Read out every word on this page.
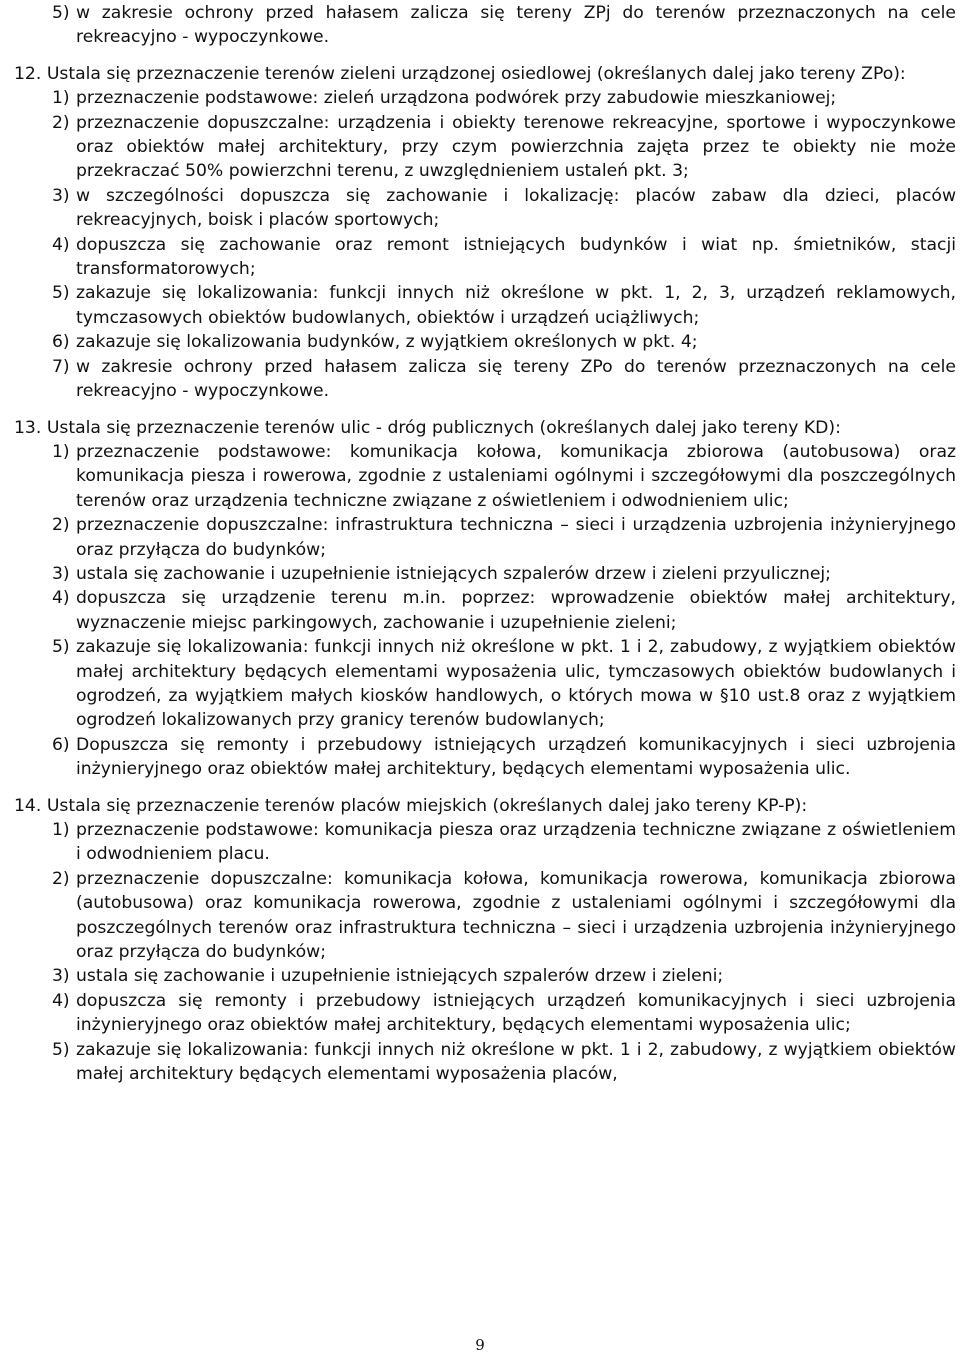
5) w zakresie ochrony przed hałasem zalicza się tereny ZPj do terenów przeznaczonych na cele rekreacyjno - wypoczynkowe.
12. Ustala się przeznaczenie terenów zieleni urządzonej osiedlowej (określanych dalej jako tereny ZPo):
1) przeznaczenie podstawowe: zieleń urządzona podwórek przy zabudowie mieszkaniowej;
2) przeznaczenie dopuszczalne: urządzenia i obiekty terenowe rekreacyjne, sportowe i wypoczynkowe oraz obiektów małej architektury, przy czym powierzchnia zajęta przez te obiekty nie może przekraczać 50% powierzchni terenu, z uwzględnieniem ustaleń pkt. 3;
3) w szczególności dopuszcza się zachowanie i lokalizację: placów zabaw dla dzieci, placów rekreacyjnych, boisk i placów sportowych;
4) dopuszcza się zachowanie oraz remont istniejących budynków i wiat np. śmietników, stacji transformatorowych;
5) zakazuje się lokalizowania: funkcji innych niż określone w pkt. 1, 2, 3, urządzeń reklamowych, tymczasowych obiektów budowlanych, obiektów i urządzeń uciążliwych;
6) zakazuje się lokalizowania budynków, z wyjątkiem określonych w pkt. 4;
7) w zakresie ochrony przed hałasem zalicza się tereny ZPo do terenów przeznaczonych na cele rekreacyjno - wypoczynkowe.
13. Ustala się przeznaczenie terenów ulic - dróg publicznych (określanych dalej jako tereny KD):
1) przeznaczenie podstawowe: komunikacja kołowa, komunikacja zbiorowa (autobusowa) oraz komunikacja piesza i rowerowa, zgodnie z ustaleniami ogólnymi i szczegółowymi dla poszczególnych terenów oraz urządzenia techniczne związane z oświetleniem i odwodnieniem ulic;
2) przeznaczenie dopuszczalne: infrastruktura techniczna – sieci i urządzenia uzbrojenia inżynieryjnego oraz przyłącza do budynków;
3) ustala się zachowanie i uzupełnienie istniejących szpalerów drzew i zieleni przyulicznej;
4) dopuszcza się urządzenie terenu m.in. poprzez: wprowadzenie obiektów małej architektury, wyznaczenie miejsc parkingowych, zachowanie i uzupełnienie zieleni;
5) zakazuje się lokalizowania: funkcji innych niż określone w pkt. 1 i 2, zabudowy, z wyjątkiem obiektów małej architektury będących elementami wyposażenia ulic, tymczasowych obiektów budowlanych i ogrodzeń, za wyjątkiem małych kiosków handlowych, o których mowa w §10 ust.8 oraz z wyjątkiem ogrodzeń lokalizowanych przy granicy terenów budowlanych;
6) Dopuszcza się remonty i przebudowy istniejących urządzeń komunikacyjnych i sieci uzbrojenia inżynieryjnego oraz obiektów małej architektury, będących elementami wyposażenia ulic.
14. Ustala się przeznaczenie terenów placów miejskich (określanych dalej jako tereny KP-P):
1) przeznaczenie podstawowe: komunikacja piesza oraz urządzenia techniczne związane z oświetleniem i odwodnieniem placu.
2) przeznaczenie dopuszczalne: komunikacja kołowa, komunikacja rowerowa, komunikacja zbiorowa (autobusowa) oraz komunikacja rowerowa, zgodnie z ustaleniami ogólnymi i szczegółowymi dla poszczególnych terenów oraz infrastruktura techniczna – sieci i urządzenia uzbrojenia inżynieryjnego oraz przyłącza do budynków;
3) ustala się zachowanie i uzupełnienie istniejących szpalerów drzew i zieleni;
4) dopuszcza się remonty i przebudowy istniejących urządzeń komunikacyjnych i sieci uzbrojenia inżynieryjnego oraz obiektów małej architektury, będących elementami wyposażenia ulic;
5) zakazuje się lokalizowania: funkcji innych niż określone w pkt. 1 i 2, zabudowy, z wyjątkiem obiektów małej architektury będących elementami wyposażenia placów,
9
